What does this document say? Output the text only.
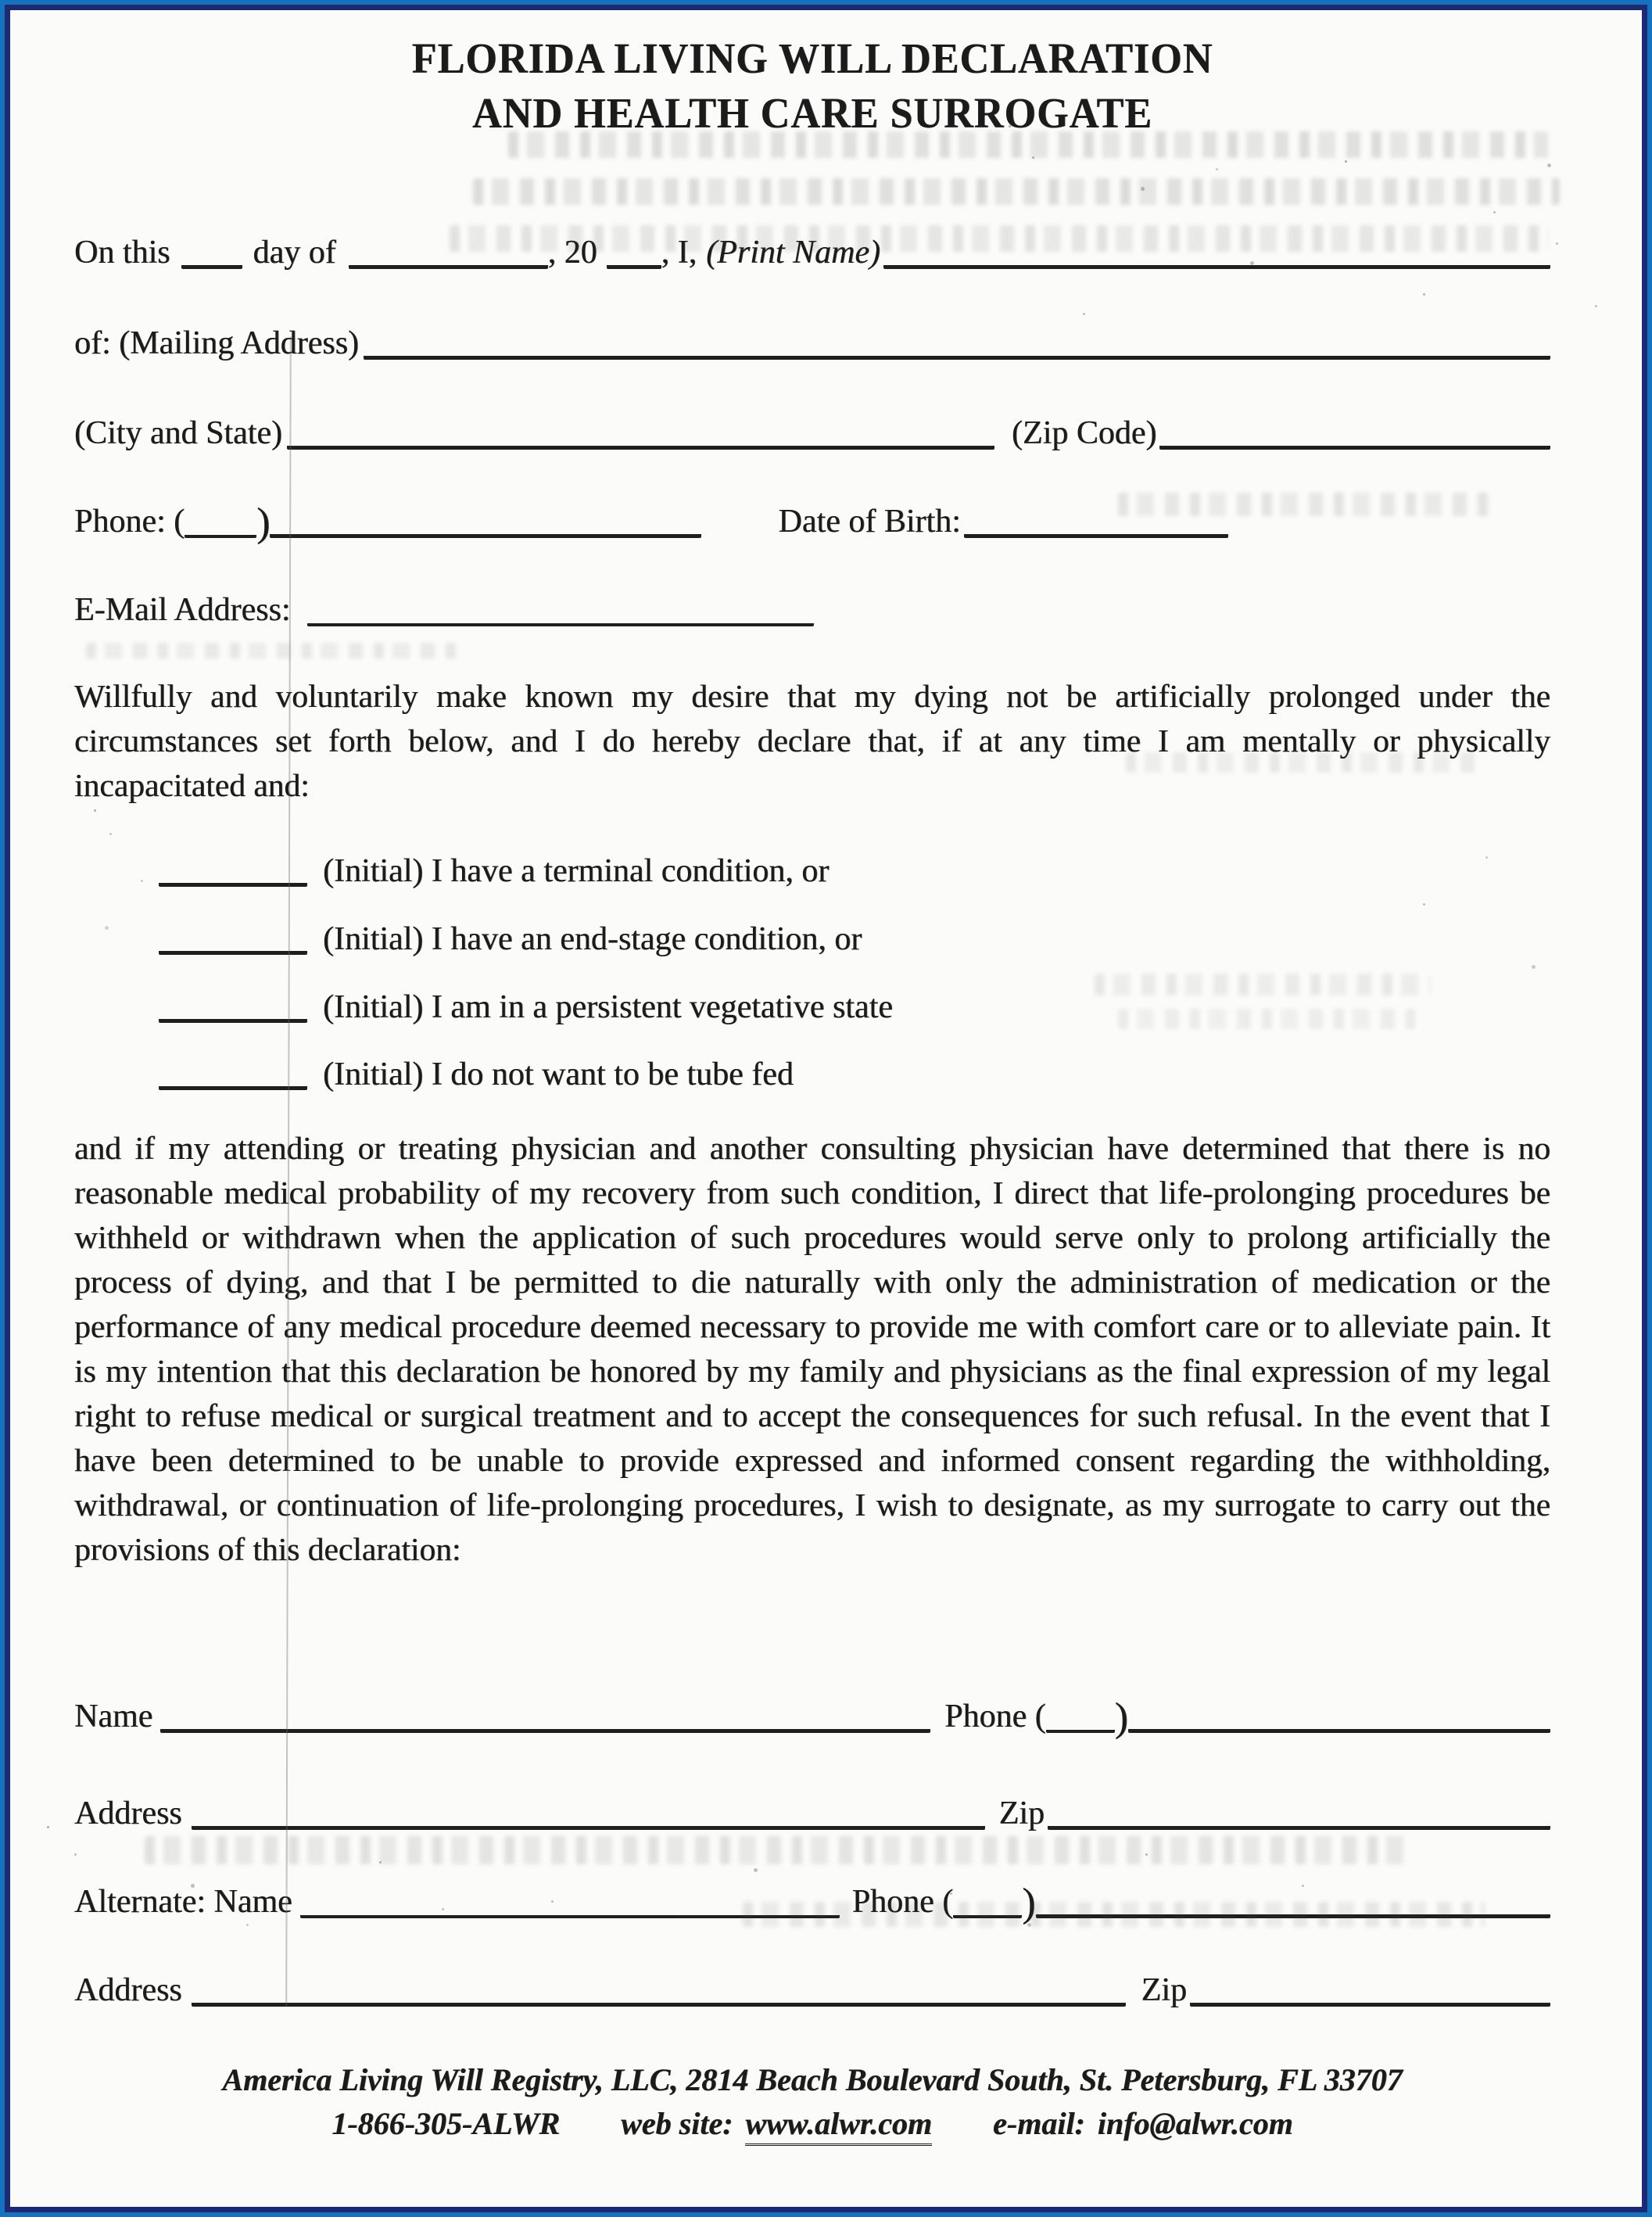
FLORIDA LIVING WILL DECLARATION
AND HEALTH CARE SURROGATE
On this	day of	, 20 , I, (Print Name)
of: (Mailing Address)
(City and State)	(Zip Code)
Phone: ( )	Date of Birth:
E-Mail Address:
Willfully and voluntarily make known my desire that my dying not be artificially prolonged under the circumstances set forth below, and I do hereby declare that, if at any time I am mentally or physically incapacitated and:
(Initial) I have a terminal condition, or
(Initial) I have an end-stage condition, or
(Initial) I am in a persistent vegetative state
(Initial) I do not want to be tube fed
and if my attending or treating physician and another consulting physician have determined that there is no reasonable medical probability of my recovery from such condition, I direct that life-prolonging procedures be withheld or withdrawn when the application of such procedures would serve only to prolong artificially the process of dying, and that I be permitted to die naturally with only the administration of medication or the performance of any medical procedure deemed necessary to provide me with comfort care or to alleviate pain. It is my intention that this declaration be honored by my family and physicians as the final expression of my legal right to refuse medical or surgical treatment and to accept the consequences for such refusal. In the event that I have been determined to be unable to provide expressed and informed consent regarding the withholding, withdrawal, or continuation of life-prolonging procedures, I wish to designate, as my surrogate to carry out the provisions of this declaration:
Name	Phone ( )
Address	Zip
Alternate: Name	Phone ( )
Address	Zip
America Living Will Registry, LLC, 2814 Beach Boulevard South, St. Petersburg, FL 33707
1-866-305-ALWR web site: www.alwr.com e-mail: info@alwr.com
